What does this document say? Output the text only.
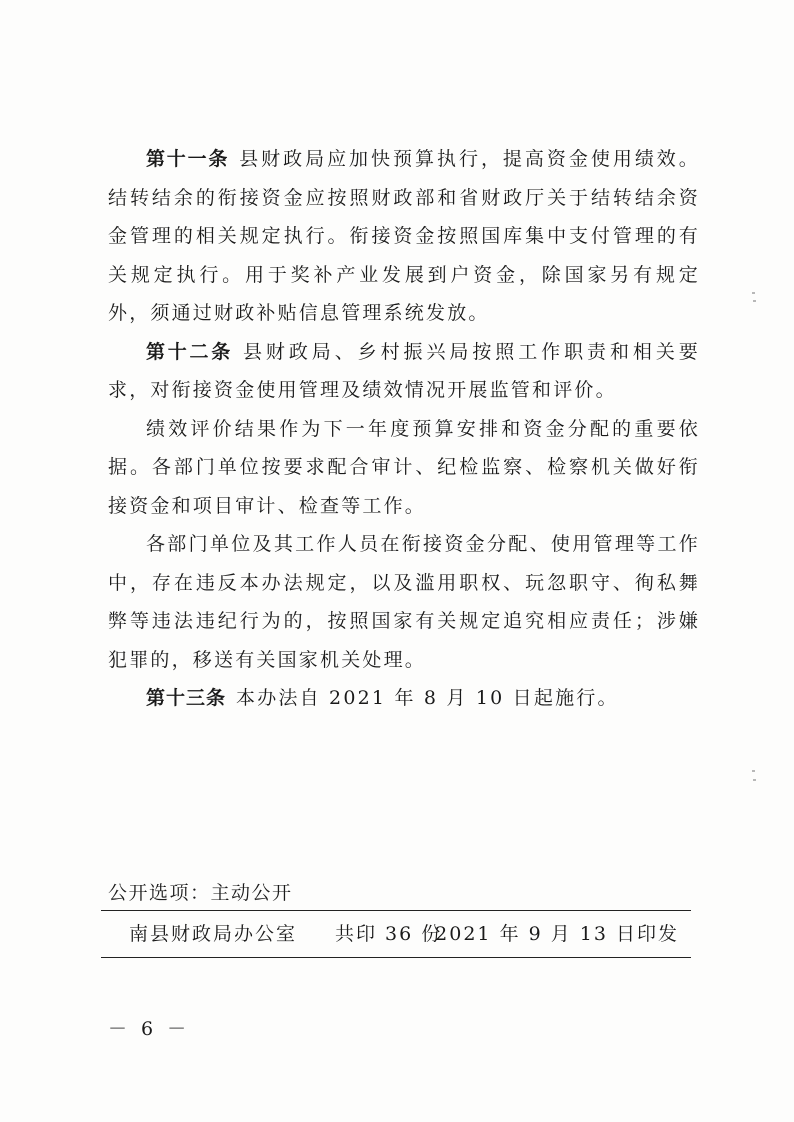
第十一条 县财政局应加快预算执行，提高资金使用绩效。结转结余的衔接资金应按照财政部和省财政厅关于结转结余资金管理的相关规定执行。衔接资金按照国库集中支付管理的有关规定执行。用于奖补产业发展到户资金，除国家另有规定外，须通过财政补贴信息管理系统发放。

第十二条 县财政局、乡村振兴局按照工作职责和相关要求，对衔接资金使用管理及绩效情况开展监管和评价。

绩效评价结果作为下一年度预算安排和资金分配的重要依据。各部门单位按要求配合审计、纪检监察、检察机关做好衔接资金和项目审计、检查等工作。

各部门单位及其工作人员在衔接资金分配、使用管理等工作中，存在违反本办法规定，以及滥用职权、玩忽职守、徇私舞弊等违法违纪行为的，按照国家有关规定追究相应责任；涉嫌犯罪的，移送有关国家机关处理。

第十三条 本办法自 2021 年 8 月 10 日起施行。

公开选项：主动公开
南县财政局办公室 共印 36 份
2021 年 9 月 13 日印发
－ 6 －
